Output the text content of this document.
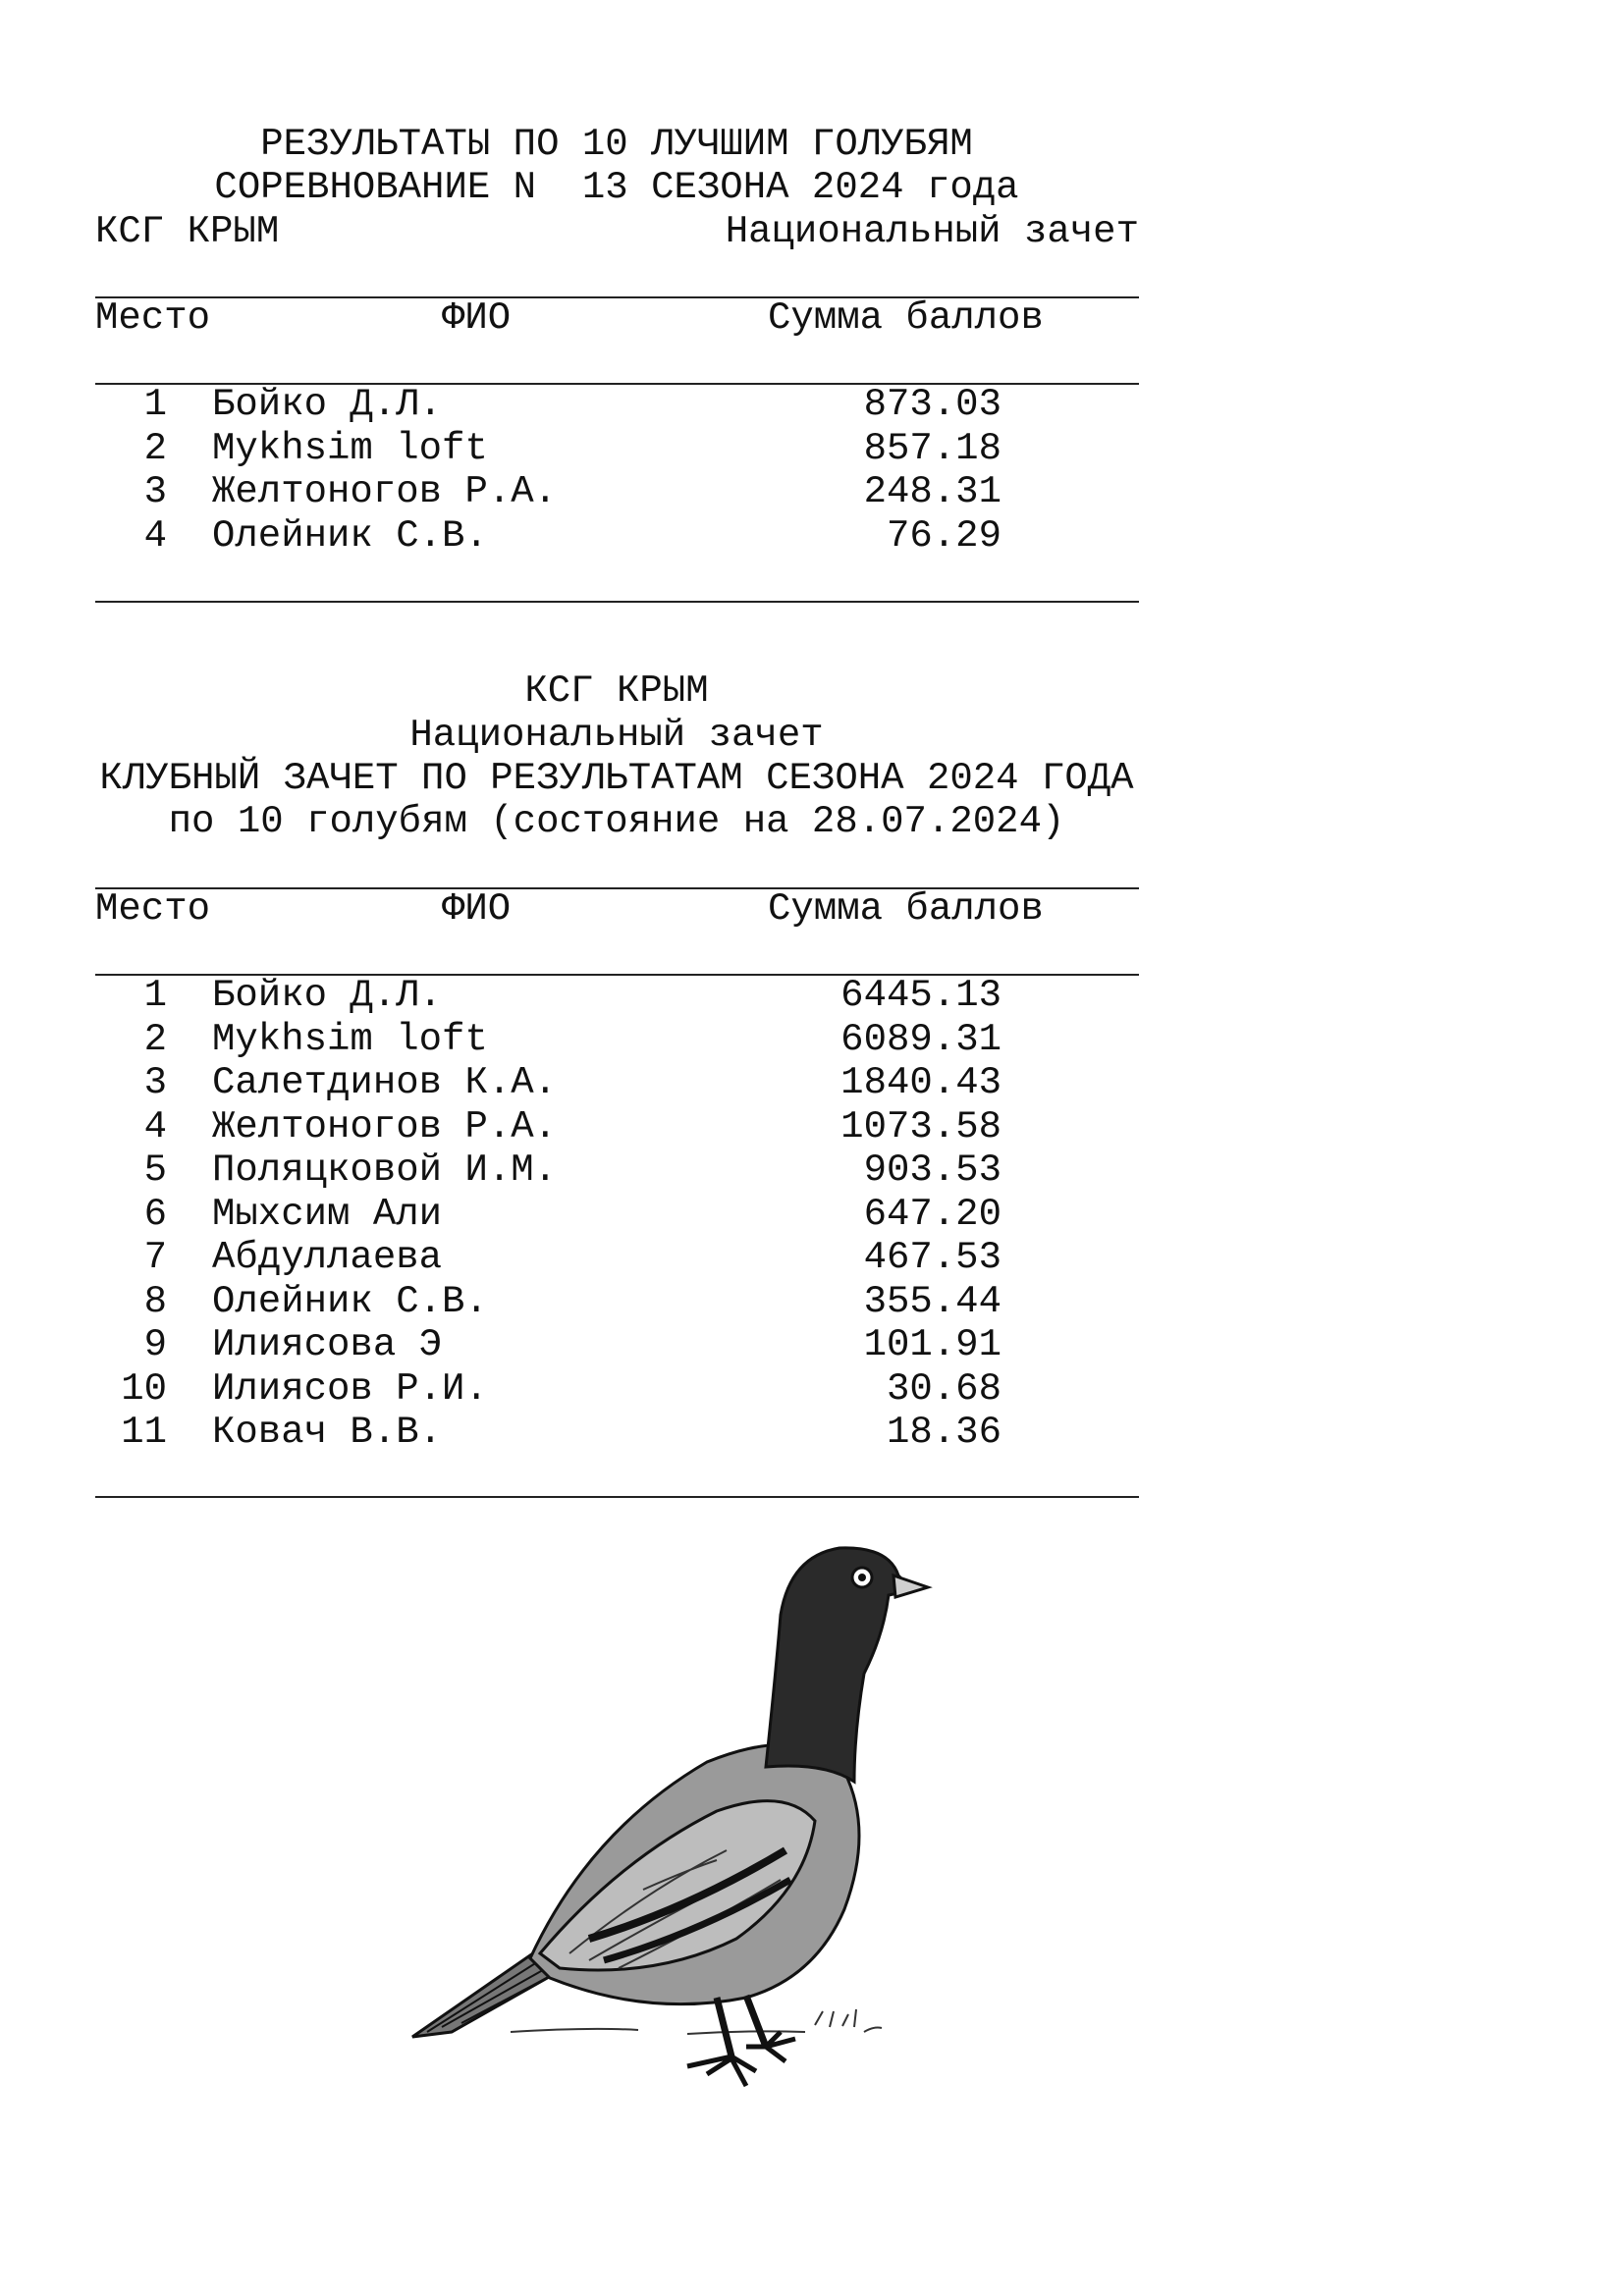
РЕЗУЛЬТАТЫ ПО 10 ЛУЧШИМ ГОЛУБЯМ
СОРЕВНОВАНИЕ N  13 СЕЗОНА 2024 года
КСГ КРЫМ	Национальный зачет
Место	ФИО	Сумма баллов
1 Бойко Д.Л.	873.03
2 Mykhsim loft	857.18
3 Желтоногов Р.А.	248.31
4 Олейник С.В.	76.29
КСГ КРЫМ
Национальный зачет
КЛУБНЫЙ ЗАЧЕТ ПО РЕЗУЛЬТАТАМ СЕЗОНА 2024 ГОДА
по 10 голубям (состояние на 28.07.2024)
Место	ФИО	Сумма баллов
1 Бойко Д.Л.	6445.13
2 Mykhsim loft	6089.31
3 Салетдинов К.А.	1840.43
4 Желтоногов Р.А.	1073.58
5 Поляцковой И.М.	903.53
6 Мыхсим Али	647.20
7 Абдуллаева	467.53
8 Олейник С.В.	355.44
9 Илиясова Э	101.91
10 Илиясов Р.И.	30.68
11 Ковач В.В.	18.36
